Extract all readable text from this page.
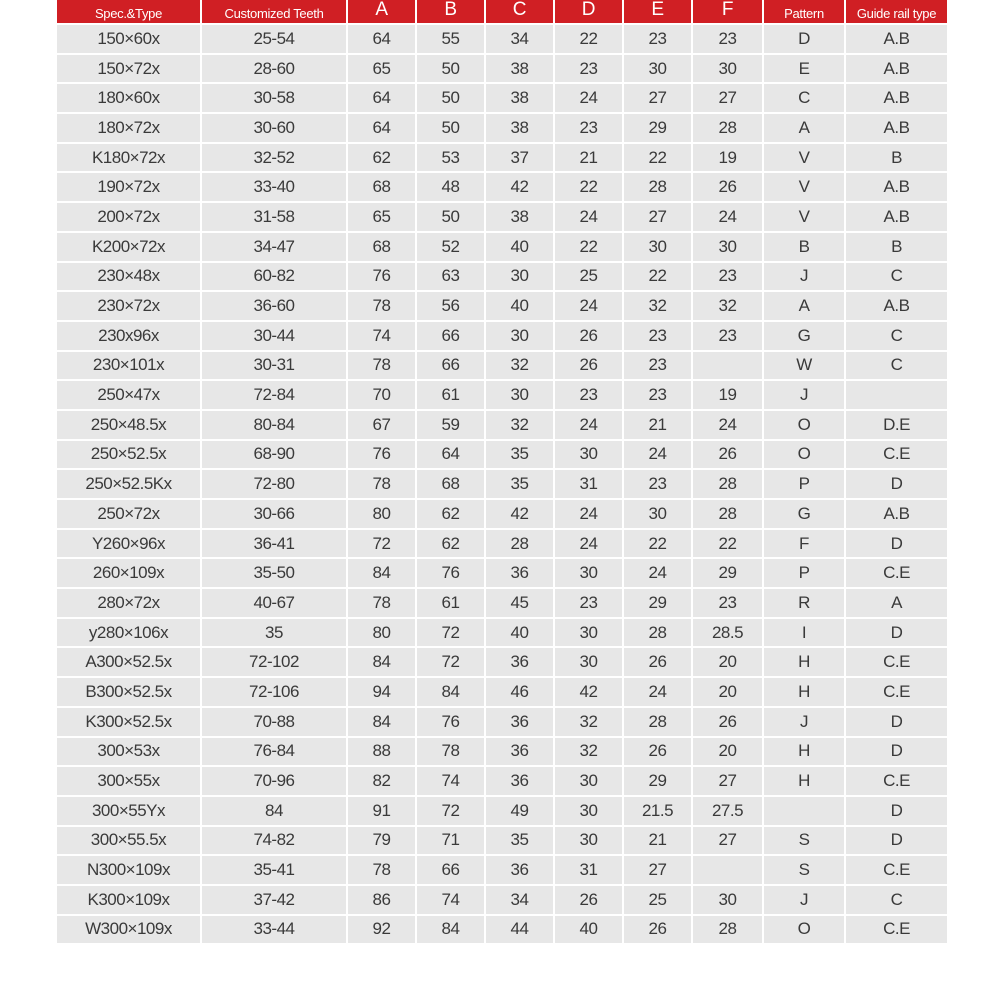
Spec.&Type	Customized Teeth	A	B	C	D	E	F	Pattern	Guide rail type
150×60x	25-54	64	55	34	22	23	23	D	A.B
150×72x	28-60	65	50	38	23	30	30	E	A.B
180×60x	30-58	64	50	38	24	27	27	C	A.B
180×72x	30-60	64	50	38	23	29	28	A	A.B
K180×72x	32-52	62	53	37	21	22	19	V	B
190×72x	33-40	68	48	42	22	28	26	V	A.B
200×72x	31-58	65	50	38	24	27	24	V	A.B
K200×72x	34-47	68	52	40	22	30	30	B	B
230×48x	60-82	76	63	30	25	22	23	J	C
230×72x	36-60	78	56	40	24	32	32	A	A.B
230x96x	30-44	74	66	30	26	23	23	G	C
230×101x	30-31	78	66	32	26	23		W	C
250×47x	72-84	70	61	30	23	23	19	J	
250×48.5x	80-84	67	59	32	24	21	24	O	D.E
250×52.5x	68-90	76	64	35	30	24	26	O	C.E
250×52.5Kx	72-80	78	68	35	31	23	28	P	D
250×72x	30-66	80	62	42	24	30	28	G	A.B
Y260×96x	36-41	72	62	28	24	22	22	F	D
260×109x	35-50	84	76	36	30	24	29	P	C.E
280×72x	40-67	78	61	45	23	29	23	R	A
y280×106x	35	80	72	40	30	28	28.5	I	D
A300×52.5x	72-102	84	72	36	30	26	20	H	C.E
B300×52.5x	72-106	94	84	46	42	24	20	H	C.E
K300×52.5x	70-88	84	76	36	32	28	26	J	D
300×53x	76-84	88	78	36	32	26	20	H	D
300×55x	70-96	82	74	36	30	29	27	H	C.E
300×55Yx	84	91	72	49	30	21.5	27.5		D
300×55.5x	74-82	79	71	35	30	21	27	S	D
N300×109x	35-41	78	66	36	31	27		S	C.E
K300×109x	37-42	86	74	34	26	25	30	J	C
W300×109x	33-44	92	84	44	40	26	28	O	C.E
